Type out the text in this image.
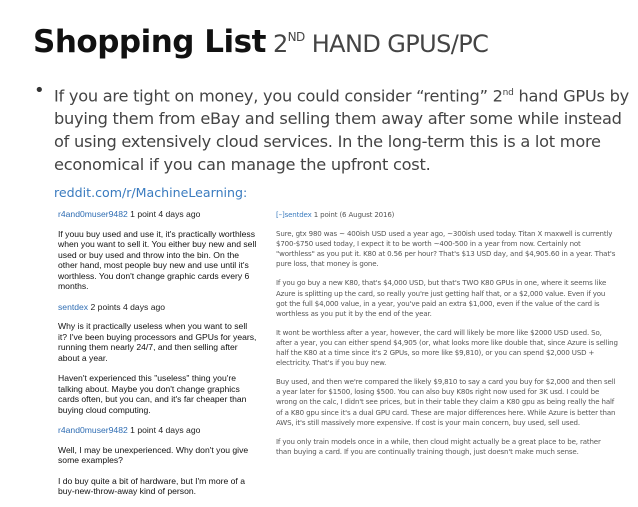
Shopping List 2ND HAND GPUS/PC
• If you are tight on money, you could consider “renting” 2nd hand GPUs by buying them from eBay and selling them away after some while instead of using extensively cloud services. In the long-term this is a lot more economical if you can manage the upfront cost.
reddit.com/r/MachineLearning:
r4and0muser9482 1 point 4 days ago

If youu buy used and use it, it's practically worthless when you want to sell it. You either buy new and sell used or buy used and throw into the bin. On the other hand, most people buy new and use until it's worthless. You don't change graphic cards every 6 months.

sentdex 2 points 4 days ago

Why is it practically useless when you want to sell it? I've been buying processors and GPUs for years, running them nearly 24/7, and then selling after about a year.

Haven't experienced this "useless" thing you're talking about. Maybe you don't change graphics cards often, but you can, and it's far cheaper than buying cloud computing.

r4and0muser9482 1 point 4 days ago

Well, I may be unexperienced. Why don't you give some examples?

I do buy quite a bit of hardware, but I'm more of a buy-new-throw-away kind of person.

[–]sentdex 1 point (6 August 2016)

Sure, gtx 980 was ~ 400ish USD used a year ago, ~300ish used today. Titan X maxwell is currently $700-$750 used today, I expect it to be worth ~400-500 in a year from now. Certainly not "worthless" as you put it. K80 at 0.56 per hour? That's $13 USD day, and $4,905.60 in a year. That's pure loss, that money is gone.

If you go buy a new K80, that's $4,000 USD, but that's TWO K80 GPUs in one, where it seems like Azure is splitting up the card, so really you're just getting half that, or a $2,000 value. Even if you got the full $4,000 value, in a year, you've paid an extra $1,000, even if the value of the card is worthless as you put it by the end of the year.

It wont be worthless after a year, however, the card will likely be more like $2000 USD used. So, after a year, you can either spend $4,905 (or, what looks more like double that, since Azure is selling half the K80 at a time since it's 2 GPUs, so more like $9,810), or you can spend $2,000 USD + electricity. That's if you buy new.

Buy used, and then we're compared the likely $9,810 to say a card you buy for $2,000 and then sell a year later for $1500, losing $500. You can also buy K80s right now used for 3K usd. I could be wrong on the calc, I didn't see prices, but in their table they claim a K80 gpu as being really the half of a K80 gpu since it's a dual GPU card. These are major differences here. While Azure is better than AWS, it's still massively more expensive. If cost is your main concern, buy used, sell used.

If you only train models once in a while, then cloud might actually be a great place to be, rather than buying a card. If you are continually training though, just doesn't make much sense.
